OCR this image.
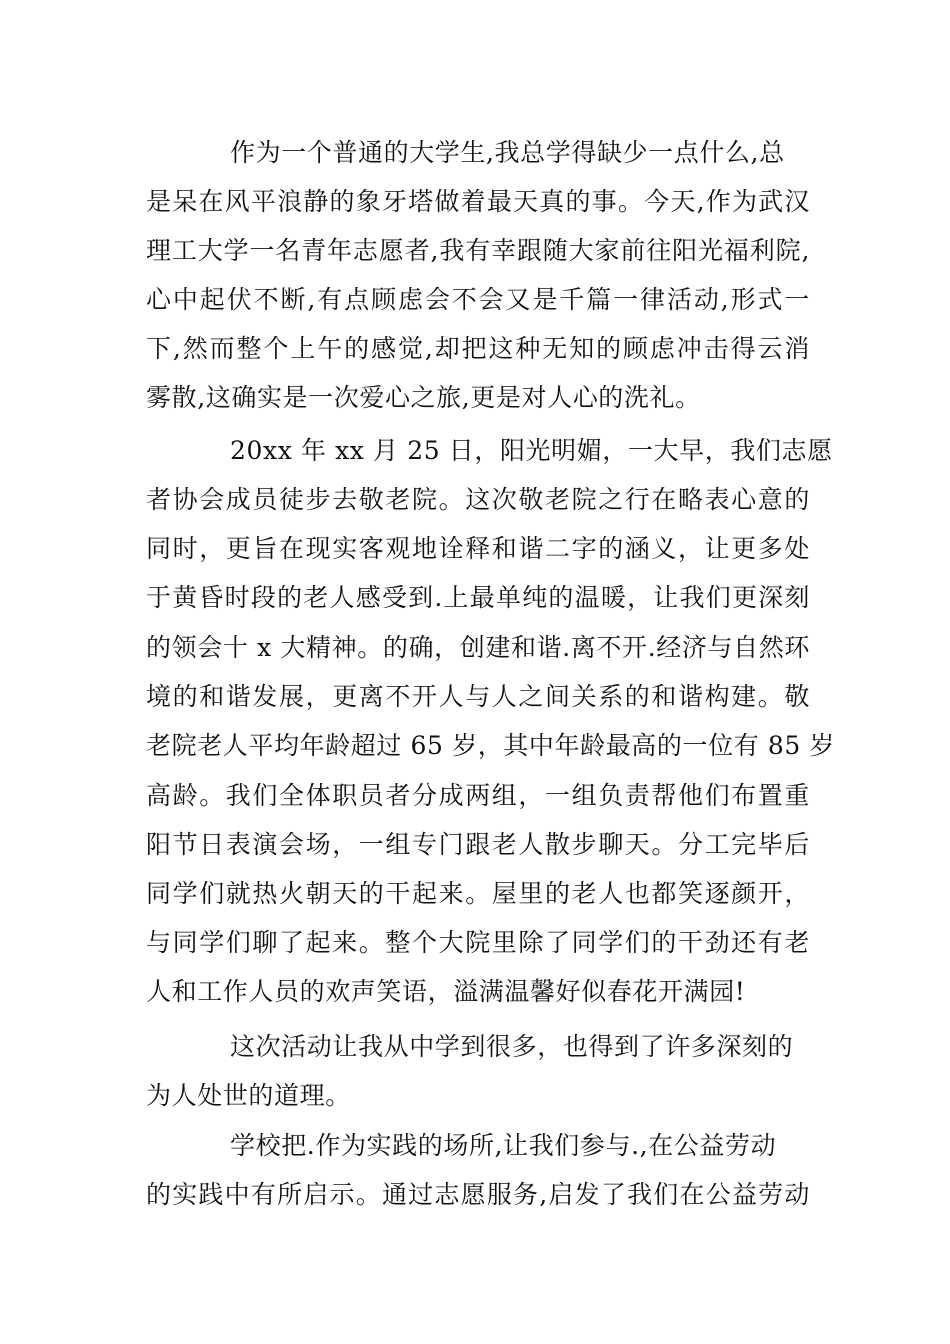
作为一个普通的大学生,我总学得缺少一点什么,总
是呆在风平浪静的象牙塔做着最天真的事。今天,作为武汉
理工大学一名青年志愿者,我有幸跟随大家前往阳光福利院,
心中起伏不断,有点顾虑会不会又是千篇一律活动,形式一
下,然而整个上午的感觉,却把这种无知的顾虑冲击得云消
雾散,这确实是一次爱心之旅,更是对人心的洗礼。
20xx 年 xx 月 25 日，阳光明媚，一大早，我们志愿
者协会成员徒步去敬老院。这次敬老院之行在略表心意的
同时，更旨在现实客观地诠释和谐二字的涵义，让更多处
于黄昏时段的老人感受到.上最单纯的温暖，让我们更深刻
的领会十 x 大精神。的确，创建和谐.离不开.经济与自然环
境的和谐发展，更离不开人与人之间关系的和谐构建。敬
老院老人平均年龄超过 65 岁，其中年龄最高的一位有 85 岁
高龄。我们全体职员者分成两组，一组负责帮他们布置重
阳节日表演会场，一组专门跟老人散步聊天。分工完毕后
同学们就热火朝天的干起来。屋里的老人也都笑逐颜开，
与同学们聊了起来。整个大院里除了同学们的干劲还有老
人和工作人员的欢声笑语，溢满温馨好似春花开满园!
这次活动让我从中学到很多，也得到了许多深刻的
为人处世的道理。
学校把.作为实践的场所,让我们参与.,在公益劳动
的实践中有所启示。通过志愿服务,启发了我们在公益劳动
